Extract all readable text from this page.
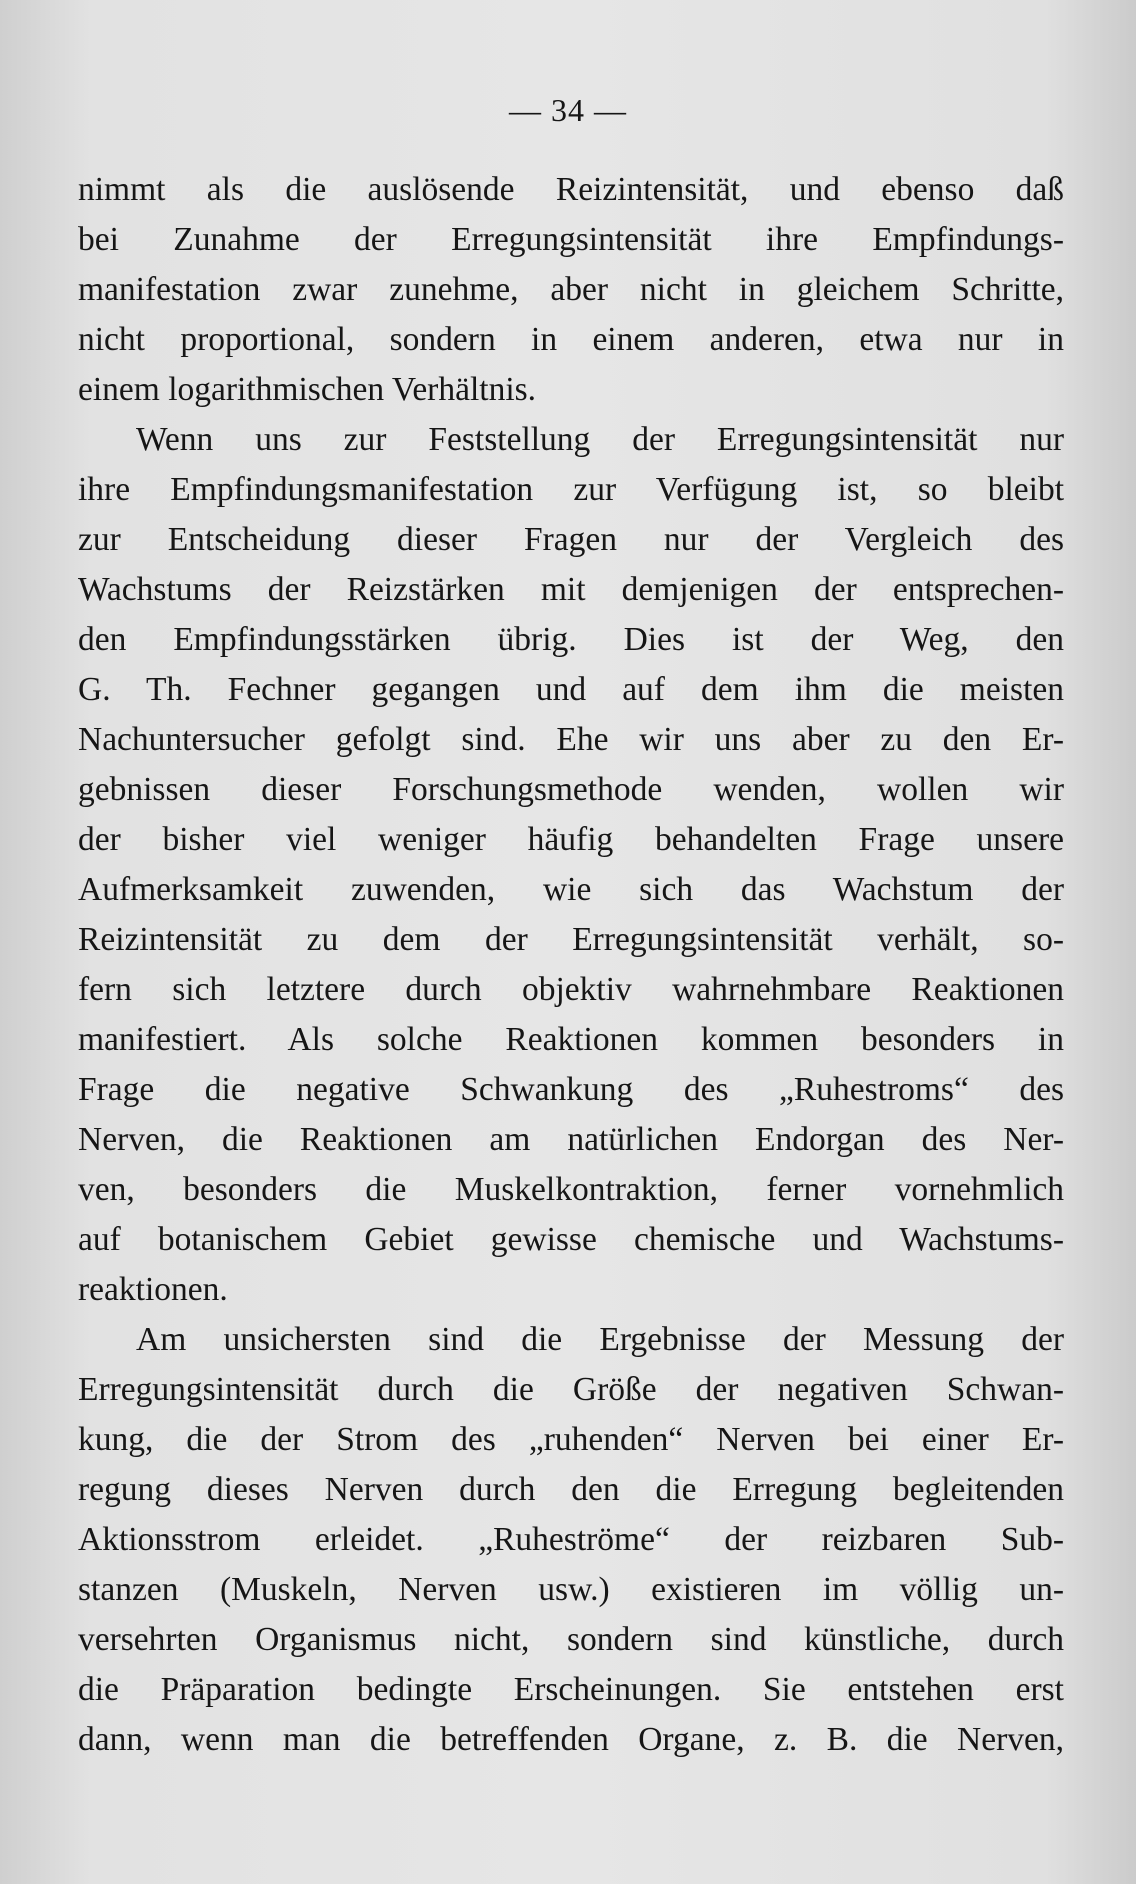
— 34 —
nimmt als die auslösende Reizintensität, und ebenso daß
bei Zunahme der Erregungsintensität ihre Empfindungs-
manifestation zwar zunehme, aber nicht in gleichem Schritte,
nicht proportional, sondern in einem anderen, etwa nur in
einem logarithmischen Verhältnis.
Wenn uns zur Feststellung der Erregungsintensität nur
ihre Empfindungsmanifestation zur Verfügung ist, so bleibt
zur Entscheidung dieser Fragen nur der Vergleich des
Wachstums der Reizstärken mit demjenigen der entsprechen-
den Empfindungsstärken übrig. Dies ist der Weg, den
G. Th. Fechner gegangen und auf dem ihm die meisten
Nachuntersucher gefolgt sind. Ehe wir uns aber zu den Er-
gebnissen dieser Forschungsmethode wenden, wollen wir
der bisher viel weniger häufig behandelten Frage unsere
Aufmerksamkeit zuwenden, wie sich das Wachstum der
Reizintensität zu dem der Erregungsintensität verhält, so-
fern sich letztere durch objektiv wahrnehmbare Reaktionen
manifestiert. Als solche Reaktionen kommen besonders in
Frage die negative Schwankung des „Ruhestroms“ des
Nerven, die Reaktionen am natürlichen Endorgan des Ner-
ven, besonders die Muskelkontraktion, ferner vornehmlich
auf botanischem Gebiet gewisse chemische und Wachstums-
reaktionen.
Am unsichersten sind die Ergebnisse der Messung der
Erregungsintensität durch die Größe der negativen Schwan-
kung, die der Strom des „ruhenden“ Nerven bei einer Er-
regung dieses Nerven durch den die Erregung begleitenden
Aktionsstrom erleidet. „Ruheströme“ der reizbaren Sub-
stanzen (Muskeln, Nerven usw.) existieren im völlig un-
versehrten Organismus nicht, sondern sind künstliche, durch
die Präparation bedingte Erscheinungen. Sie entstehen erst
dann, wenn man die betreffenden Organe, z. B. die Nerven,
